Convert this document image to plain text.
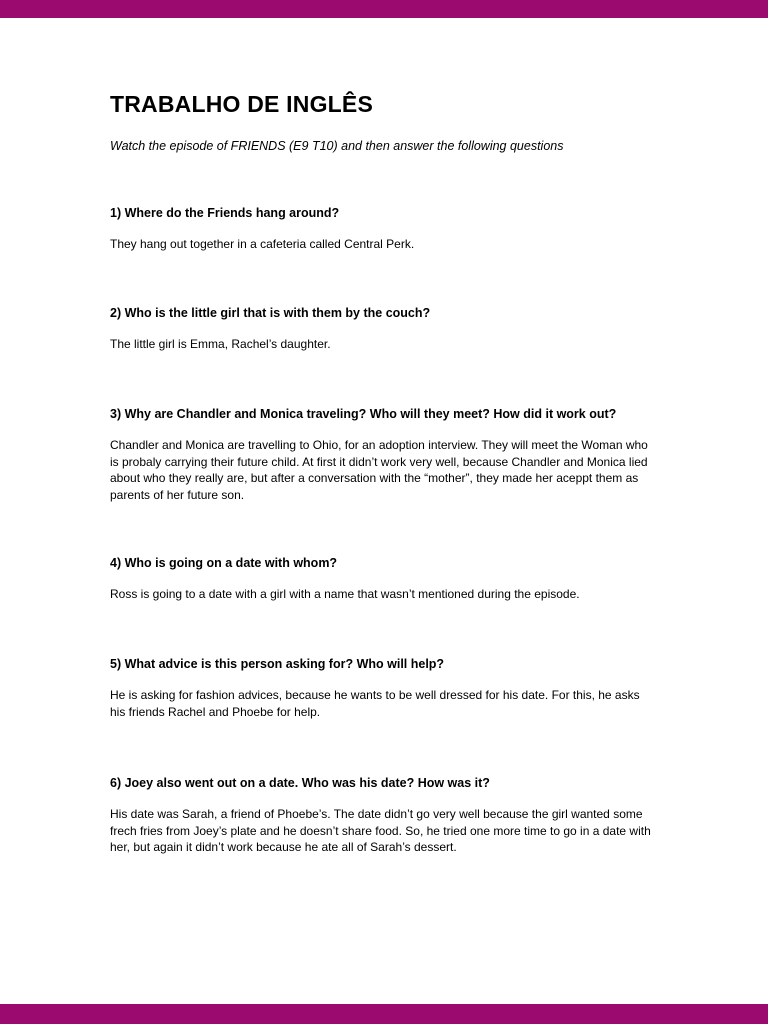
TRABALHO DE INGLÊS

Watch the episode of FRIENDS (E9 T10) and then answer the following questions

1) Where do the Friends hang around?

They hang out together in a cafeteria called Central Perk.

2) Who is the little girl that is with them by the couch?

The little girl is Emma, Rachel’s daughter.

3) Why are Chandler and Monica traveling? Who will they meet? How did it work out?

Chandler and Monica are travelling to Ohio, for an adoption interview. They will meet the Woman who is probaly carrying their future child. At first it didn’t work very well, because Chandler and Monica lied about who they really are, but after a conversation with the “mother”, they made her aceppt them as parents of her future son.

4) Who is going on a date with whom?

Ross is going to a date with a girl with a name that wasn’t mentioned during the episode.

5) What advice is this person asking for? Who will help?

He is asking for fashion advices, because he wants to be well dressed for his date. For this, he asks his friends Rachel and Phoebe for help.

6) Joey also went out on a date. Who was his date? How was it?

His date was Sarah, a friend of Phoebe’s. The date didn’t go very well because the girl wanted some frech fries from Joey’s plate and he doesn’t share food. So, he tried one more time to go in a date with her, but again it didn’t work because he ate all of Sarah’s dessert.
